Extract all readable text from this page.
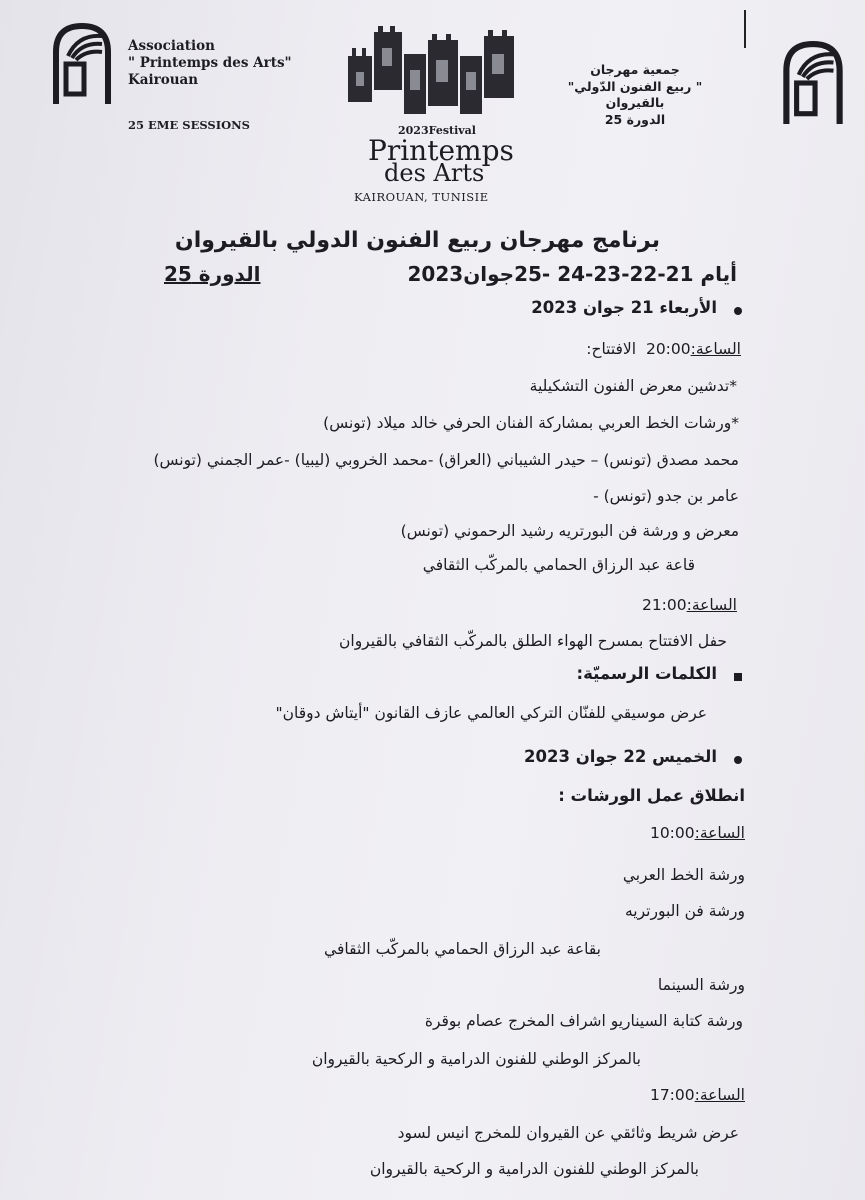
Association
" Printemps des Arts"
Kairouan
25 EME SESSIONS	2023Festival
Printemps
des Arts
KAIROUAN, TUNISIE
جمعية مهرجان
" ربيع الفنون الدّولي"
بالقيروان
الدورة 25
برنامج مهرجان ربيع الفنون الدولي بالقيروان
أيام 21-22-23-24 -25جوان2023
الدورة 25
الأربعاء 21 جوان 2023
الساعة:20:00  الافتتاح:
*تدشين معرض الفنون التشكيلية
*ورشات الخط العربي بمشاركة الفنان الحرفي خالد ميلاد (تونس)
محمد مصدق (تونس) – حيدر الشيباني (العراق) -محمد الخروبي (ليبيا) -عمر الجمني (تونس)
عامر بن جدو (تونس) -
معرض و ورشة فن البورتريه رشيد الرحموني (تونس)
قاعة عبد الرزاق الحمامي بالمركّب الثقافي
الساعة:21:00
حفل الافتتاح بمسرح الهواء الطلق بالمركّب الثقافي بالقيروان
الكلمات الرسميّة:
عرض موسيقي للفنّان التركي العالمي عازف القانون "أيتاش دوقان"
الخميس 22 جوان 2023
انطلاق عمل الورشات :
الساعة:10:00
ورشة الخط العربي
ورشة فن البورتريه
بقاعة عبد الرزاق الحمامي بالمركّب الثقافي
ورشة السينما
ورشة كتابة السيناريو اشراف المخرج عصام بوقرة
بالمركز الوطني للفنون الدرامية و الركحية بالقيروان
الساعة:17:00
عرض شريط وثائقي عن القيروان للمخرج انيس لسود
بالمركز الوطني للفنون الدرامية و الركحية بالقيروان
